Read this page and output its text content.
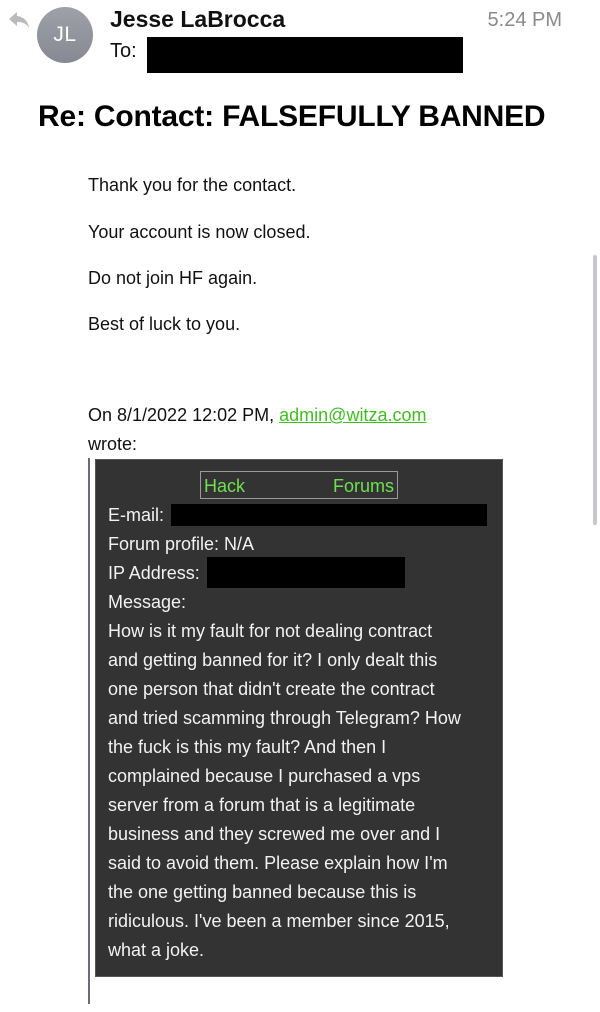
JL
Jesse LaBrocca	5:24 PM
To:
Re: Contact: FALSEFULLY BANNED
Thank you for the contact.
Your account is now closed.
Do not join HF again.
Best of luck to you.
On 8/1/2022 12:02 PM, admin@witza.com
wrote:
Hack	Forums
E-mail:
Forum profile: N/A
IP Address:
Message:
How is it my fault for not dealing contract
and getting banned for it? I only dealt this
one person that didn't create the contract
and tried scamming through Telegram? How
the fuck is this my fault? And then I
complained because I purchased a vps
server from a forum that is a legitimate
business and they screwed me over and I
said to avoid them. Please explain how I'm
the one getting banned because this is
ridiculous. I've been a member since 2015,
what a joke.
